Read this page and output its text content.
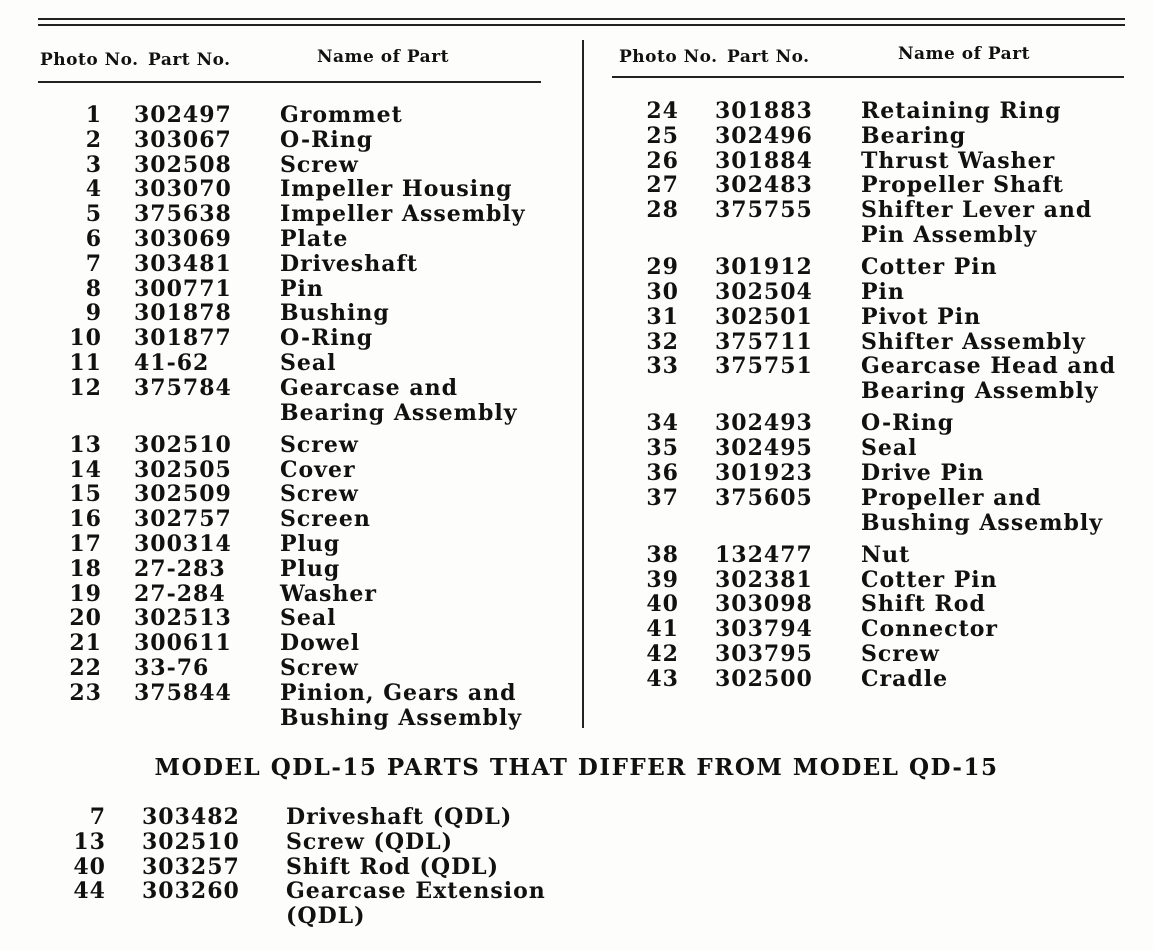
Photo No. Part No.	Name of Part	Photo No. Part No.	Name of Part
1 302497 Grommet
2 303067 O-Ring
3 302508 Screw
4 303070 Impeller Housing
5 375638 Impeller Assembly
6 303069 Plate
7 303481 Driveshaft
8 300771 Pin
9 301878 Bushing
10 301877 O-Ring
11 41-62	Seal
12 375784 Gearcase and Bearing Assembly
13 302510 Screw
14 302505 Cover
15 302509 Screw
16 302757 Screen
17 300314 Plug
18 27-283 Plug
19 27-284 Washer
20 302513 Seal
21 300611 Dowel
22 33-76	Screw
23 375844 Pinion, Gears and Bushing Assembly
24 301883 Retaining Ring
25 302496 Bearing
26 301884 Thrust Washer
27 302483 Propeller Shaft
28 375755 Shifter Lever and Pin Assembly
29 301912 Cotter Pin
30 302504 Pin
31 302501 Pivot Pin
32 375711 Shifter Assembly
33 375751 Gearcase Head and Bearing Assembly
34 302493 O-Ring
35 302495 Seal
36 301923 Drive Pin
37 375605 Propeller and Bushing Assembly
38 132477 Nut
39 302381 Cotter Pin
40 303098 Shift Rod
41 303794 Connector
42 303795 Screw
43 302500 Cradle
MODEL QDL-15 PARTS THAT DIFFER FROM MODEL QD-15
7 303482 Driveshaft (QDL)
13 302510 Screw (QDL)
40 303257 Shift Rod (QDL)
44 303260 Gearcase Extension (QDL)
